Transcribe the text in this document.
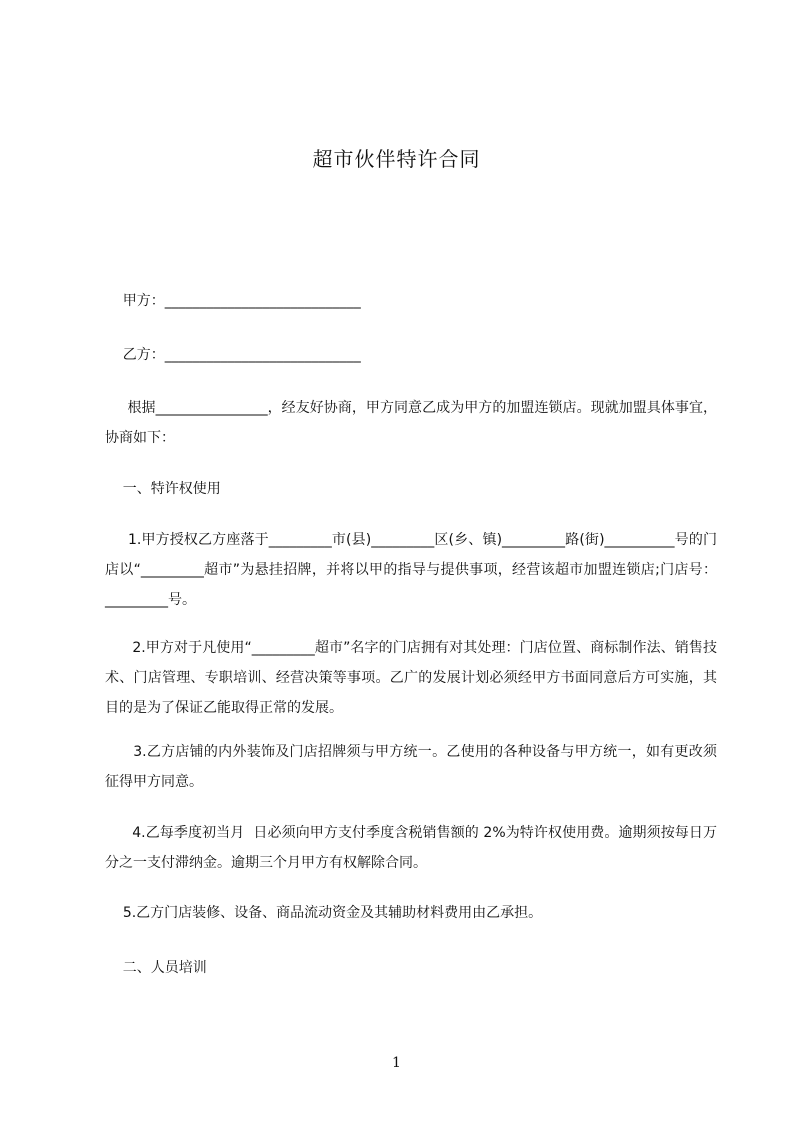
超市伙伴特许合同
甲方：____________________________
乙方：____________________________
根据________________，经友好协商，甲方同意乙成为甲方的加盟连锁店。现就加盟具体事宜，协商如下：
一、特许权使用
1.甲方授权乙方座落于_________市(县)_________区(乡、镇)_________路(街)__________号的门店以“_________超市”为悬挂招牌，并将以甲的指导与提供事项，经营该超市加盟连锁店;门店号：_________号。
2.甲方对于凡使用“_________超市”名字的门店拥有对其处理：门店位置、商标制作法、销售技术、门店管理、专职培训、经营决策等事项。乙广的发展计划必须经甲方书面同意后方可实施，其目的是为了保证乙能取得正常的发展。
3.乙方店铺的内外装饰及门店招牌须与甲方统一。乙使用的各种设备与甲方统一，如有更改须征得甲方同意。
4.乙每季度初当月  日必须向甲方支付季度含税销售额的 2%为特许权使用费。逾期须按每日万分之一支付滞纳金。逾期三个月甲方有权解除合同。
5.乙方门店装修、设备、商品流动资金及其辅助材料费用由乙承担。
二、人员培训
1
